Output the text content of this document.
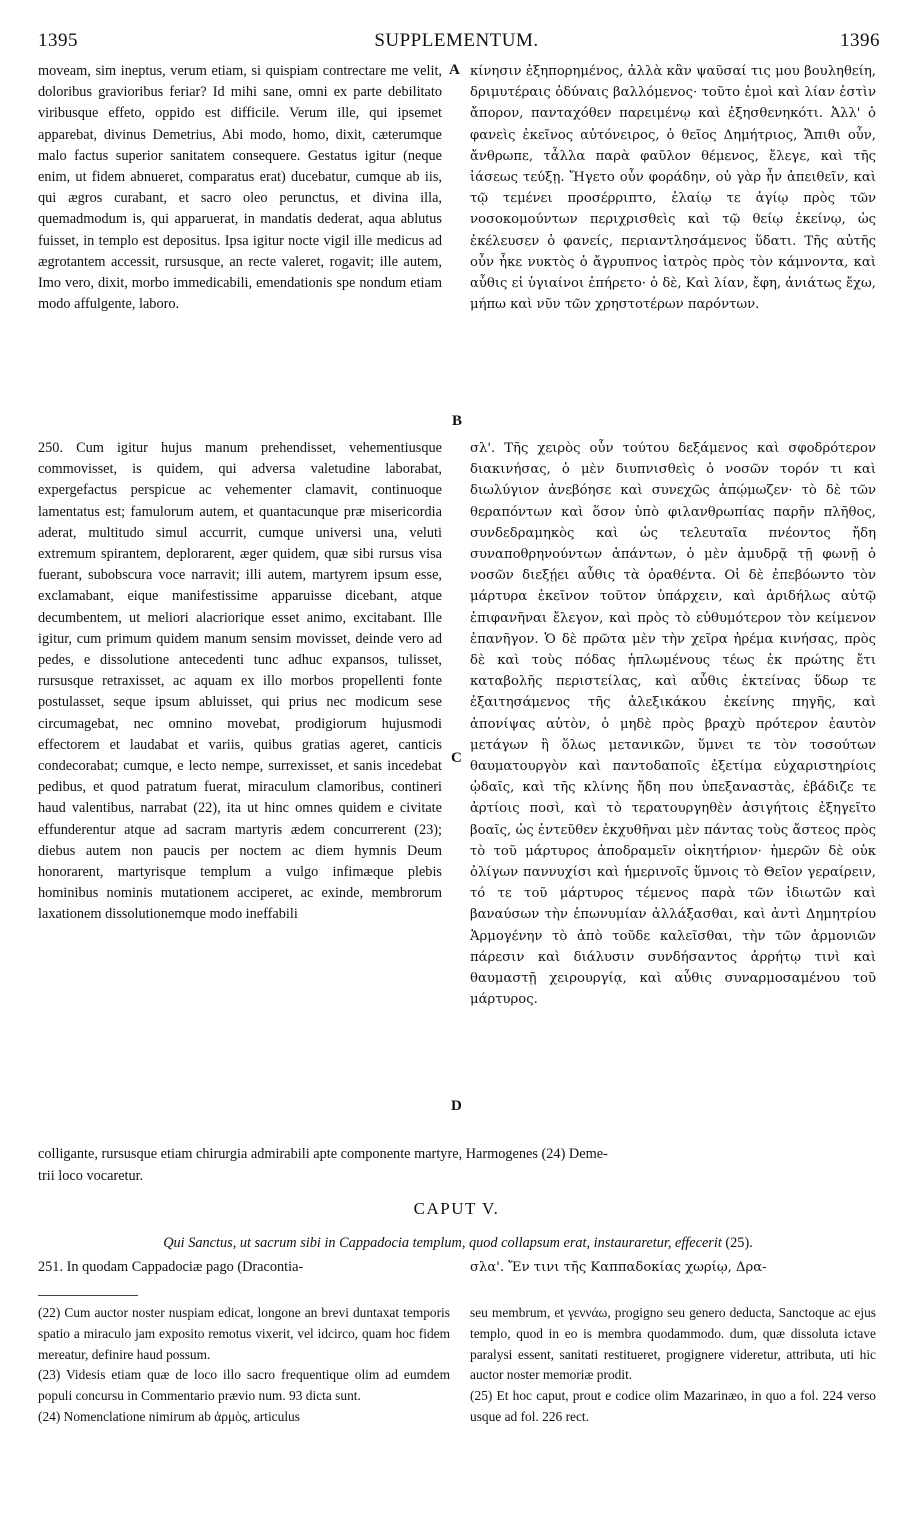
1395	SUPPLEMENTUM.	1396

moveam, sim ineptus, verum etiam, si quispiam contrectare me velit, doloribus gravioribus feriar? Id mihi sane, omni ex parte debilitato viribusque effeto, oppido est difficile. Verum ille, qui ipsemet apparebat, divinus Demetrius, Abi modo, homo, dixit, cæterumque malo factus superior sanitatem consequere. Gestatus igitur (neque enim, ut fidem abnueret, comparatus erat) ducebatur, cumque ab iis, qui ægros curabant, et sacro oleo perunctus, et divina illa, quemadmodum is, qui apparuerat, in mandatis dederat, aqua ablutus fuisset, in templo est depositus. Ipsa igitur nocte vigil ille medicus ad ægrotantem accessit, rursusque, an recte valeret, rogavit; ille autem, Imo vero, dixit, morbo immedicabili, emendationis spe nondum etiam modo affulgente, laboro.

250. Cum igitur hujus manum prehendisset, vehementiusque commovisset, is quidem, qui adversa valetudine laborabat, expergefactus perspicue ac vehementer clamavit, continuoque lamentatus est; famulorum autem, et quantacunque præ misericordia aderat, multitudo simul accurrit, cumque universi una, veluti extremum spirantem, deplorarent, æger quidem, quæ sibi rursus visa fuerant, subobscura voce narravit; illi autem, martyrem ipsum esse, exclamabant, eique manifestissime apparuisse dicebant, atque decumbentem, ut meliori alacriorique esset animo, excitabant. Ille igitur, cum primum quidem manum sensim movisset, deinde vero ad pedes, e dissolutione antecedenti tunc adhuc expansos, tulisset, rursusque retraxisset, ac aquam ex illo morbos propellenti fonte postulasset, seque ipsum abluisset, qui prius nec modicum sese circumagebat, nec omnino movebat, prodigiorum hujusmodi effectorem et laudabat et variis, quibus gratias ageret, canticis condecorabat; cumque, e lecto nempe, surrexisset, et sanis incedebat pedibus, et quod patratum fuerat, miraculum clamoribus, contineri haud valentibus, narrabat (22), ita ut hinc omnes quidem e civitate effunderentur atque ad sacram martyris ædem concurrerent (23); diebus autem non paucis per noctem ac diem hymnis Deum honorarent, martyrisque templum a vulgo infimæque plebis hominibus nominis mutationem acciperet, ac exinde, membrorum laxationem dissolutionemque modo ineffabili

κίνησιν ἐξηπορημένος, ἀλλὰ κἂν ψαῦσαί τις μου βουληθείη, δριμυτέραις ὀδύναις βαλλόμενος· τοῦτο ἐμοὶ καὶ λίαν ἐστὶν ἄπορον, πανταχόθεν παρειμένῳ καὶ ἐξησθενηκότι. Ἀλλ' ὁ φανεὶς ἐκεῖνος αὐτόνειρος, ὁ θεῖος Δημήτριος, Ἄπιθι οὖν, ἄνθρωπε, τἆλλα παρὰ φαῦλον θέμενος, ἔλεγε, καὶ τῆς ἰάσεως τεύξῃ. Ἤγετο οὖν φοράδην, οὐ γὰρ ἦν ἀπειθεῖν, καὶ τῷ τεμένει προσέρριπτο, ἐλαίῳ τε ἁγίῳ πρὸς τῶν νοσοκομούντων περιχρισθεὶς καὶ τῷ θείῳ ἐκείνῳ, ὡς ἐκέλευσεν ὁ φανείς, περιαντλησάμενος ὕδατι. Τῆς αὐτῆς οὖν ἧκε νυκτὸς ὁ ἄγρυπνος ἰατρὸς πρὸς τὸν κάμνοντα, καὶ αὖθις εἰ ὑγιαίνοι ἐπήρετο· ὁ δὲ, Καὶ λίαν, ἔφη, ἀνιάτως ἔχω, μήπω καὶ νῦν τῶν χρηστοτέρων παρόντων.

σλ'. Τῆς χειρὸς οὖν τούτου δεξάμενος καὶ σφοδρότερον διακινήσας, ὁ μὲν διυπνισθεὶς ὁ νοσῶν τορόν τι καὶ διωλύγιον ἀνεβόησε καὶ συνεχῶς ἀπῴμωζεν· τὸ δὲ τῶν θεραπόντων καὶ ὅσον ὑπὸ φιλανθρωπίας παρῆν πλῆθος, συνδεδραμηκὸς καὶ ὡς τελευταῖα πνέοντος ἤδη συναποθρηνούντων ἁπάντων, ὁ μὲν ἀμυδρᾷ τῇ φωνῇ ὁ νοσῶν διεξῄει αὖθις τὰ ὁραθέντα. Οἱ δὲ ἐπεβόωντο τὸν μάρτυρα ἐκεῖνον τοῦτον ὑπάρχειν, καὶ ἀριδήλως αὐτῷ ἐπιφανῆναι ἔλεγον, καὶ πρὸς τὸ εὐθυμότερον τὸν κείμενον ἐπανῆγον. Ὁ δὲ πρῶτα μὲν τὴν χεῖρα ἠρέμα κινήσας, πρὸς δὲ καὶ τοὺς πόδας ἡπλωμένους τέως ἐκ πρώτης ἔτι καταβολῆς περιστείλας, καὶ αὖθις ἐκτείνας ὕδωρ τε ἐξαιτησάμενος τῆς ἀλεξικάκου ἐκείνης πηγῆς, καὶ ἀπονίψας αὐτὸν, ὁ μηδὲ πρὸς βραχὺ πρότερον ἑαυτὸν μετάγων ἢ ὅλως μετανικῶν, ὕμνει τε τὸν τοσούτων θαυματουργὸν καὶ παντοδαποῖς ἐξετίμα εὐχαριστηρίοις ᾠδαῖς, καὶ τῆς κλίνης ἤδη που ὑπεξαναστὰς, ἐβάδιζε τε ἀρτίοις ποσὶ, καὶ τὸ τερατουργηθὲν ἀσιγήτοις ἐξηγεῖτο βοαῖς, ὡς ἐντεῦθεν ἐκχυθῆναι μὲν πάντας τοὺς ἄστεος πρὸς τὸ τοῦ μάρτυρος ἀποδραμεῖν οἰκητήριον· ἡμερῶν δὲ οὐκ ὀλίγων παννυχίσι καὶ ἡμερινοῖς ὕμνοις τὸ Θεῖον γεραίρειν, τό τε τοῦ μάρτυρος τέμενος παρὰ τῶν ἰδιωτῶν καὶ βαναύσων τὴν ἐπωνυμίαν ἀλλάξασθαι, καὶ ἀντὶ Δημητρίου Ἁρμογένην τὸ ἀπὸ τοῦδε καλεῖσθαι, τὴν τῶν ἁρμονιῶν πάρεσιν καὶ διάλυσιν συνδήσαντος ἀρρήτῳ τινὶ καὶ θαυμαστῇ χειρουργίᾳ, καὶ αὖθις συναρμοσαμένου τοῦ μάρτυρος.

A
B
C
D

colligante, rursusque etiam chirurgia admirabili apte componente martyre, Harmogenes (24) Deme-

trii loco vocaretur.

CAPUT V.

Qui Sanctus, ut sacrum sibi in Cappadocia templum, quod collapsum erat, instauraretur, effecerit (25).

251. In quodam Cappadociæ pago (Dracontia-	σλα'. Ἔν τινι τῆς Καππαδοκίας χωρίῳ, Δρα-

(22) Cum auctor noster nuspiam edicat, longone an brevi duntaxat temporis spatio a miraculo jam exposito remotus vixerit, vel idcirco, quam hoc fidem mereatur, definire haud possum.
(23) Videsis etiam quæ de loco illo sacro frequentique olim ad eumdem populi concursu in Commentario prævio num. 93 dicta sunt.
(24) Nomenclatione nimirum ab ἀρμὸς, articulus
seu membrum, et γεννάω, progigno seu genero deducta, Sanctoque ac ejus templo, quod in eo is membra quodammodo. dum, quæ dissoluta ictave paralysi essent, sanitati restitueret, progignere videretur, attributa, uti hic auctor noster memoriæ prodit.
(25) Et hoc caput, prout e codice olim Mazarinæo, in quo a fol. 224 verso usque ad fol. 226 rect.
